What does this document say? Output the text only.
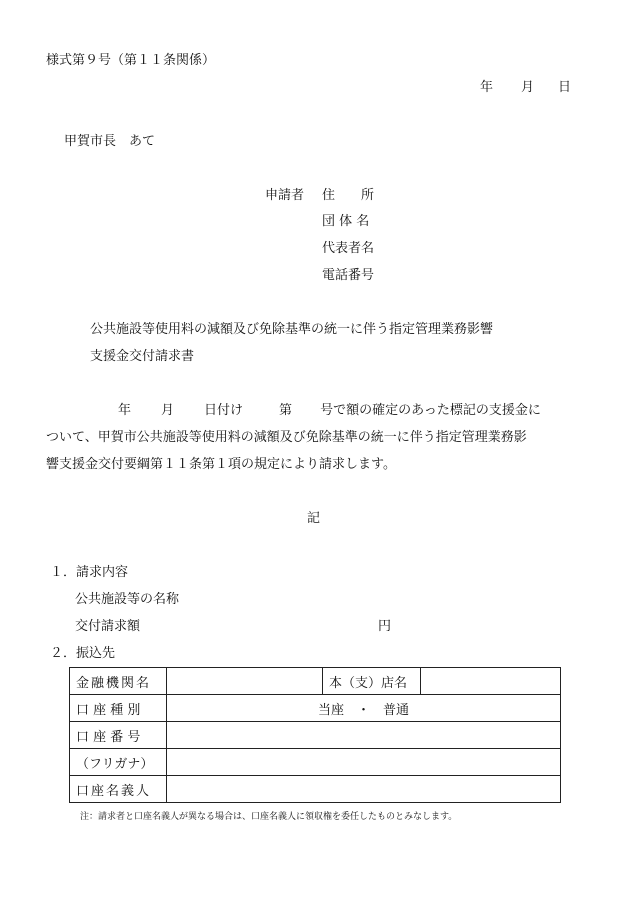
様式第９号（第１１条関係）
年 月 日
甲賀市長　あて
申請者 住　　所
団 体 名
代表者名
電話番号
公共施設等使用料の減額及び免除基準の統一に伴う指定管理業務影響
支援金交付請求書
年 月 日付け	第 号で額の確定のあった標記の支援金に
ついて、甲賀市公共施設等使用料の減額及び免除基準の統一に伴う指定管理業務影
響支援金交付要綱第１１条第１項の規定により請求します。
記
１．請求内容
公共施設等の名称
交付請求額	円
２．振込先
金融機関名		本（支）店名	
口 座 種 別	当座　・　普通		
口 座 番 号			
（フリガナ）			
口座名義人			
注：請求者と口座名義人が異なる場合は、口座名義人に領収権を委任したものとみなします。
